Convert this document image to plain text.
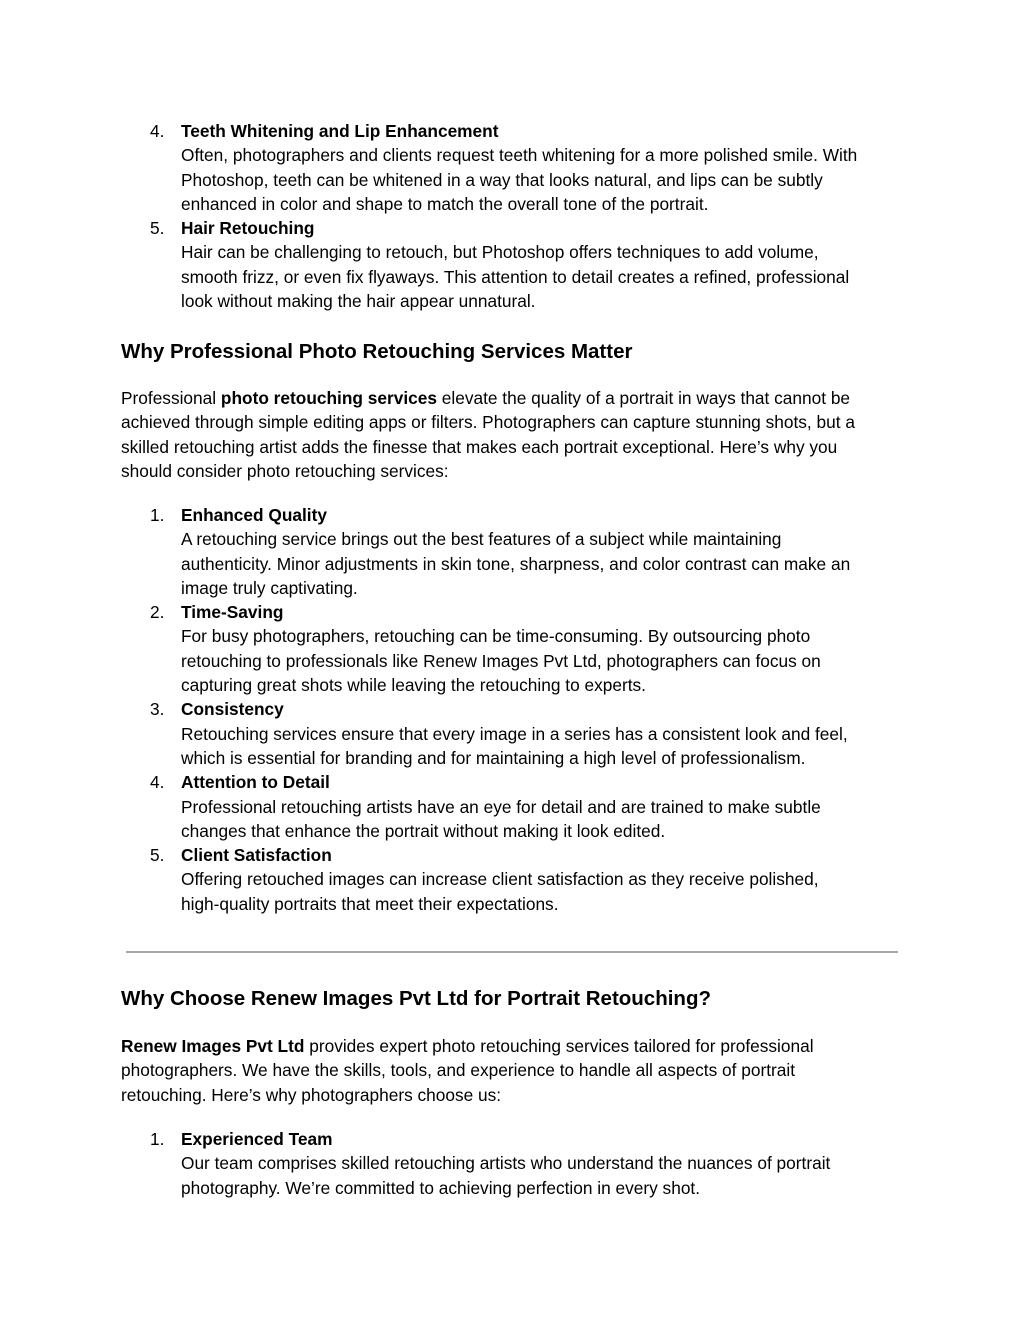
4. Teeth Whitening and Lip Enhancement
Often, photographers and clients request teeth whitening for a more polished smile. With
Photoshop, teeth can be whitened in a way that looks natural, and lips can be subtly
enhanced in color and shape to match the overall tone of the portrait.
5. Hair Retouching
Hair can be challenging to retouch, but Photoshop offers techniques to add volume,
smooth frizz, or even fix flyaways. This attention to detail creates a refined, professional
look without making the hair appear unnatural.
Why Professional Photo Retouching Services Matter
Professional photo retouching services elevate the quality of a portrait in ways that cannot be
achieved through simple editing apps or filters. Photographers can capture stunning shots, but a
skilled retouching artist adds the finesse that makes each portrait exceptional. Here’s why you
should consider photo retouching services:
1. Enhanced Quality
A retouching service brings out the best features of a subject while maintaining
authenticity. Minor adjustments in skin tone, sharpness, and color contrast can make an
image truly captivating.
2. Time-Saving
For busy photographers, retouching can be time-consuming. By outsourcing photo
retouching to professionals like Renew Images Pvt Ltd, photographers can focus on
capturing great shots while leaving the retouching to experts.
3. Consistency
Retouching services ensure that every image in a series has a consistent look and feel,
which is essential for branding and for maintaining a high level of professionalism.
4. Attention to Detail
Professional retouching artists have an eye for detail and are trained to make subtle
changes that enhance the portrait without making it look edited.
5. Client Satisfaction
Offering retouched images can increase client satisfaction as they receive polished,
high-quality portraits that meet their expectations.
Why Choose Renew Images Pvt Ltd for Portrait Retouching?
Renew Images Pvt Ltd provides expert photo retouching services tailored for professional
photographers. We have the skills, tools, and experience to handle all aspects of portrait
retouching. Here’s why photographers choose us:
1. Experienced Team
Our team comprises skilled retouching artists who understand the nuances of portrait
photography. We’re committed to achieving perfection in every shot.
